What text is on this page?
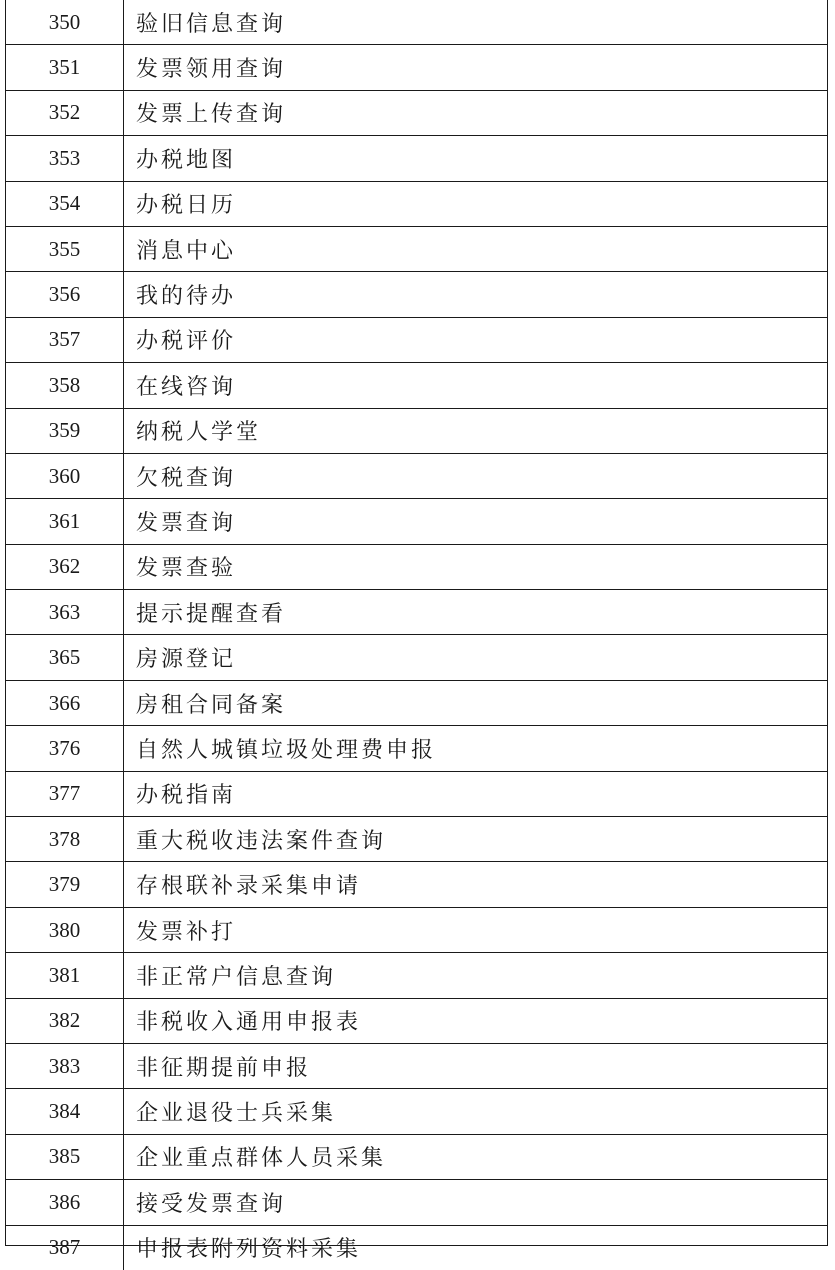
350	验旧信息查询
351	发票领用查询
352	发票上传查询
353	办税地图
354	办税日历
355	消息中心
356	我的待办
357	办税评价
358	在线咨询
359	纳税人学堂
360	欠税查询
361	发票查询
362	发票查验
363	提示提醒查看
365	房源登记
366	房租合同备案
376	自然人城镇垃圾处理费申报
377	办税指南
378	重大税收违法案件查询
379	存根联补录采集申请
380	发票补打
381	非正常户信息查询
382	非税收入通用申报表
383	非征期提前申报
384	企业退役士兵采集
385	企业重点群体人员采集
386	接受发票查询
387	申报表附列资料采集
